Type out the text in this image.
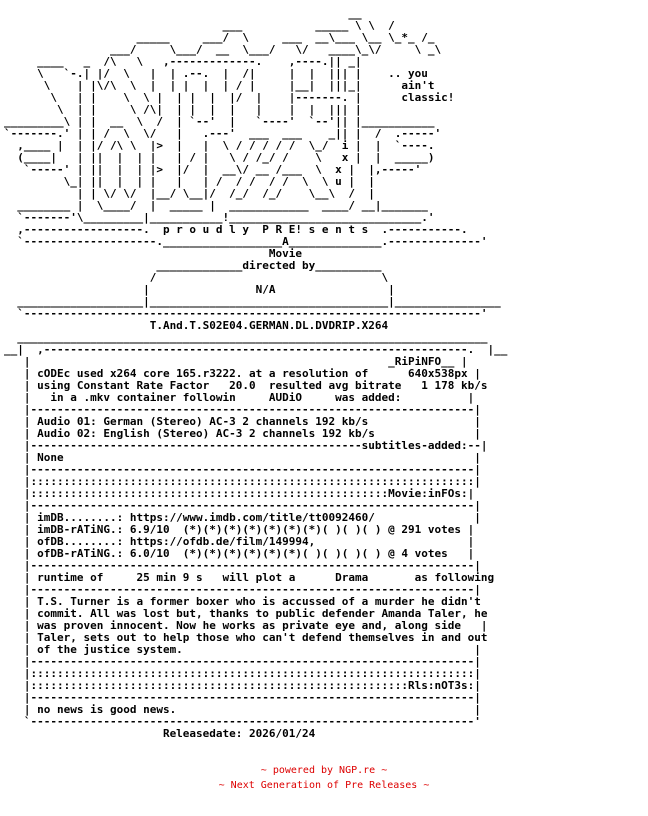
__
___           _____ \ \  /
_____     ___/  \     ___  __\___ \__ \_*_ /_
___/     \___/  __  \___/   \/   ____\_\/     \ _\
____   _  /\   \   ,-------------.    ,----.|| _|
\   `-.| |/  \   |  | .--.  |  /|     |  |  ||| |    .. you
\    | |\/\  \  |  | |  |  | / |     |__|  |||_|      ain't
\   | |    \  \ |  | |  |  |/  |    |-------. |      classic!
\  | |     \ /\|  | |  |  |   |    |  |  ||| |
_________\ | |  __  \  /  | `--'  |   `----'  `--'|| |___________
`-------.' | | /  \  \/   |   .---'  ___  ___    _|| |  /  .-----'
,____ |  | |/ /\ \  |>  |   |  \ / / / / /  \_/  i |  |  `----.
(____|   | ||  |  | |   | / |   \ / /_/ /    \   x |  |  _____)
`-----' | ||  |  | |>  |/  |  __\/ __ /___  \  x |  |,-----'
\_| ||  |  | |   |   | /  / /  / /  \  \ u |  |
| | \/ \/  |__/ \__|/  /_/  /_/    \__\  /  |
________ |  \____/  |  _____ |  ____________  ____/ __|_______
`-------'\_________|___________!_____________________________.'
,------------------.  p r o u d l y  P R E! s e n t s  .-----------.
`--------------------.__________________A______________.--------------'
Movie
_____________directed by__________
/                                  \
|                N/A                 |
___________________|____________________________________|________________
`---------------------------------------------------------------------'
T.And.T.S02E04.GERMAN.DL.DVDRIP.X264
_______________________________________________________________________
__|  ,----------------------------------------------------------------.  |__
|                                                      _RiPiNFO__ |
| cODEc used x264 core 165.r3222. at a resolution of      640x538px |
| using Constant Rate Factor   20.0  resulted avg bitrate   1 178 kb/s
|   in a .mkv container followin     AUDiO     was added:          |
|-------------------------------------------------------------------|
| Audio 01: German (Stereo) AC-3 2 channels 192 kb/s                |
| Audio 02: English (Stereo) AC-3 2 channels 192 kb/s               |
|--------------------------------------------------subtitles-added:--|
| None                                                              |
|-------------------------------------------------------------------|
|:::::::::::::::::::::::::::::::::::::::::::::::::::::::::::::::::::|
|::::::::::::::::::::::::::::::::::::::::::::::::::::::Movie:inFOs:|
|-------------------------------------------------------------------|
| imDB........: https://www.imdb.com/title/tt0092460/               |
| imDB-rATiNG.: 6.9/10  (*)(*)(*)(*)(*)(*)(*)( )( )( ) @ 291 votes |
| ofDB........: https://ofdb.de/film/149994,                       |
| ofDB-rATiNG.: 6.0/10  (*)(*)(*)(*)(*)(*)( )( )( )( ) @ 4 votes   |
|-------------------------------------------------------------------|
| runtime of     25 min 9 s   will plot a      Drama       as following
|-------------------------------------------------------------------|
| T.S. Turner is a former boxer who is accussed of a murder he didn't
| commit. All was lost but, thanks to public defender Amanda Taler, he
| was proven innocent. Now he works as private eye and, along side   |
| Taler, sets out to help those who can't defend themselves in and out
| of the justice system.                                            |
|-------------------------------------------------------------------|
|:::::::::::::::::::::::::::::::::::::::::::::::::::::::::::::::::::|
|:::::::::::::::::::::::::::::::::::::::::::::::::::::::::Rls:nOT3s:|
|-------------------------------------------------------------------|
| no news is good news.                                             |
`-------------------------------------------------------------------'
Releasedate: 2026/01/24
~ powered by NGP.re ~
~ Next Generation of Pre Releases ~
